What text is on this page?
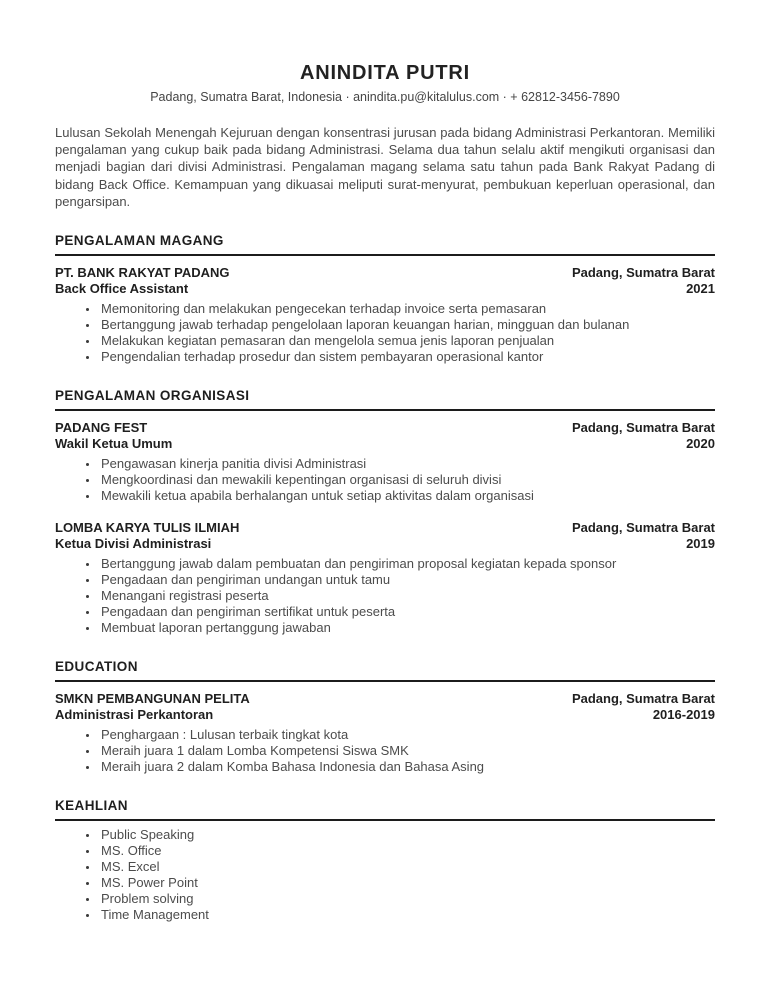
ANINDITA PUTRI
Padang, Sumatra Barat, Indonesia · anindita.pu@kitalulus.com · + 62812-3456-7890
Lulusan Sekolah Menengah Kejuruan dengan konsentrasi jurusan pada bidang Administrasi Perkantoran. Memiliki pengalaman yang cukup baik pada bidang Administrasi. Selama dua tahun selalu aktif mengikuti organisasi dan menjadi bagian dari divisi Administrasi. Pengalaman magang selama satu tahun pada Bank Rakyat Padang di bidang Back Office. Kemampuan yang dikuasai meliputi surat-menyurat, pembukuan keperluan operasional, dan pengarsipan.
PENGALAMAN MAGANG
PT. BANK RAKYAT PADANG	Padang, Sumatra Barat
Back Office Assistant	2021
• Memonitoring dan melakukan pengecekan terhadap invoice serta pemasaran
• Bertanggung jawab terhadap pengelolaan laporan keuangan harian, mingguan dan bulanan
• Melakukan kegiatan pemasaran dan mengelola semua jenis laporan penjualan
• Pengendalian terhadap prosedur dan sistem pembayaran operasional kantor
PENGALAMAN ORGANISASI
PADANG FEST	Padang, Sumatra Barat
Wakil Ketua Umum	2020
• Pengawasan kinerja panitia divisi Administrasi
• Mengkoordinasi dan mewakili kepentingan organisasi di seluruh divisi
• Mewakili ketua apabila berhalangan untuk setiap aktivitas dalam organisasi
LOMBA KARYA TULIS ILMIAH	Padang, Sumatra Barat
Ketua Divisi Administrasi	2019
• Bertanggung jawab dalam pembuatan dan pengiriman proposal kegiatan kepada sponsor
• Pengadaan dan pengiriman undangan untuk tamu
• Menangani registrasi peserta
• Pengadaan dan pengiriman sertifikat untuk peserta
• Membuat laporan pertanggung jawaban
EDUCATION
SMKN PEMBANGUNAN PELITA	Padang, Sumatra Barat
Administrasi Perkantoran	2016-2019
• Penghargaan : Lulusan terbaik tingkat kota
• Meraih juara 1 dalam Lomba Kompetensi Siswa SMK
• Meraih juara 2 dalam Komba Bahasa Indonesia dan Bahasa Asing
KEAHLIAN
• Public Speaking
• MS. Office
• MS. Excel
• MS. Power Point
• Problem solving
• Time Management
